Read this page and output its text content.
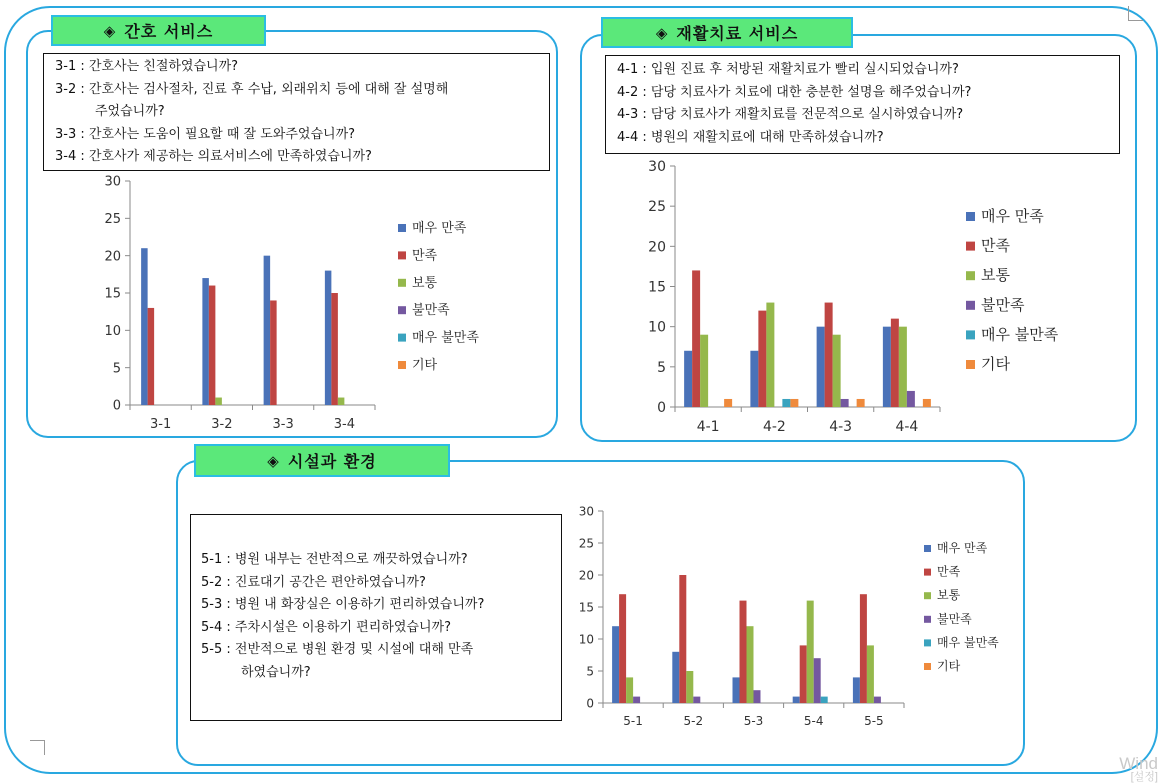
◈ 간호 서비스
3-1 : 간호사는 친절하였습니까?
3-2 : 간호사는 검사절차, 진료 후 수납, 외래위치 등에 대해 잘 설명해
주었습니까?
3-3 : 간호사는 도움이 필요할 때 잘 도와주었습니까?
3-4 : 간호사가 제공하는 의료서비스에 만족하였습니까?
0
5
10
15
20
25
30
3-1	3-2	3-3	3-4
매우 만족
만족
보통
불만족
매우 불만족
기타
◈ 재활치료 서비스
4-1 : 입원 진료 후 처방된 재활치료가 빨리 실시되었습니까?
4-2 : 담당 치료사가 치료에 대한 충분한 설명을 해주었습니까?
4-3 : 담당 치료사가 재활치료를 전문적으로 실시하였습니까?
4-4 : 병원의 재활치료에 대해 만족하셨습니까?
0
5
10
15
20
25
30
4-1	4-2	4-3	4-4
매우 만족
만족
보통
불만족
매우 불만족
기타
◈ 시설과 환경
5-1 : 병원 내부는 전반적으로 깨끗하였습니까?
5-2 : 진료대기 공간은 편안하였습니까?
5-3 : 병원 내 화장실은 이용하기 편리하였습니까?
5-4 : 주차시설은 이용하기 편리하였습니까?
5-5 : 전반적으로 병원 환경 및 시설에 대해 만족
하였습니까?
0
5
10
15
20
25
30
5-1	5-2	5-3	5-4	5-5
매우 만족
만족
보통
불만족
매우 불만족
기타
Wind
[설정]
